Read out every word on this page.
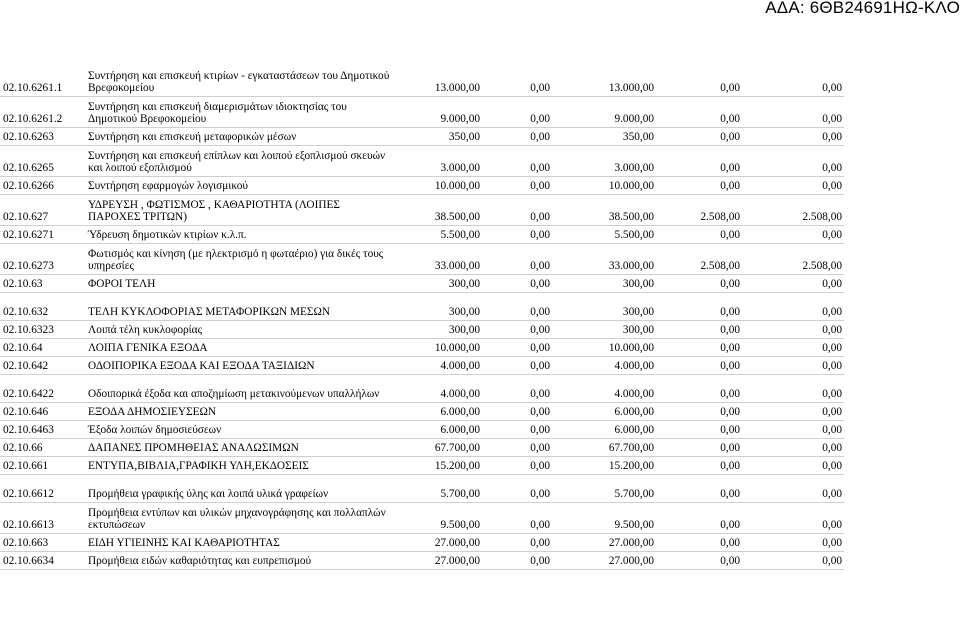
ΑΔΑ: 6ΘΒ24691ΗΩ-ΚΛΟ
02.10.6261.1	Συντήρηση και επισκευή κτιρίων - εγκαταστάσεων του Δημοτικού Βρεφοκομείου	13.000,00	0,00	13.000,00	0,00	0,00
02.10.6261.2	Συντήρηση και επισκευή διαμερισμάτων ιδιοκτησίας του Δημοτικού Βρεφοκομείου	9.000,00	0,00	9.000,00	0,00	0,00
02.10.6263	Συντήρηση και επισκευή μεταφορικών μέσων	350,00	0,00	350,00	0,00	0,00
02.10.6265	Συντήρηση και επισκευή επίπλων και λοιπού εξοπλισμού σκευών και λοιπού εξοπλισμού	3.000,00	0,00	3.000,00	0,00	0,00
02.10.6266	Συντήρηση εφαρμογών λογισμικού	10.000,00	0,00	10.000,00	0,00	0,00
02.10.627	ΥΔΡΕΥΣΗ , ΦΩΤΙΣΜΟΣ , ΚΑΘΑΡΙΟΤΗΤΑ (ΛΟΙΠΕΣ ΠΑΡΟΧΕΣ ΤΡΙΤΩΝ)	38.500,00	0,00	38.500,00	2.508,00	2.508,00
02.10.6271	Ύδρευση δημοτικών κτιρίων κ.λ.π.	5.500,00	0,00	5.500,00	0,00	0,00
02.10.6273	Φωτισμός και κίνηση (με ηλεκτρισμό η φωταέριο) για δικές τους υπηρεσίες	33.000,00	0,00	33.000,00	2.508,00	2.508,00
02.10.63	ΦΟΡΟΙ ΤΕΛΗ	300,00	0,00	300,00	0,00	0,00
02.10.632	ΤΕΛΗ ΚΥΚΛΟΦΟΡΙΑΣ ΜΕΤΑΦΟΡΙΚΩΝ ΜΕΣΩΝ	300,00	0,00	300,00	0,00	0,00
02.10.6323	Λοιπά τέλη κυκλοφορίας	300,00	0,00	300,00	0,00	0,00
02.10.64	ΛΟΙΠΑ ΓΕΝΙΚΑ ΕΞΟΔΑ	10.000,00	0,00	10.000,00	0,00	0,00
02.10.642	ΟΔΟΙΠΟΡΙΚΑ ΕΞΟΔΑ ΚΑΙ ΕΞΟΔΑ ΤΑΞΙΔΙΩΝ	4.000,00	0,00	4.000,00	0,00	0,00
02.10.6422	Οδοιπορικά έξοδα και αποζημίωση μετακινούμενων υπαλλήλων	4.000,00	0,00	4.000,00	0,00	0,00
02.10.646	ΕΞΟΔΑ ΔΗΜΟΣΙΕΥΣΕΩΝ	6.000,00	0,00	6.000,00	0,00	0,00
02.10.6463	Έξοδα λοιπών δημοσιεύσεων	6.000,00	0,00	6.000,00	0,00	0,00
02.10.66	ΔΑΠΑΝΕΣ ΠΡΟΜΗΘΕΙΑΣ ΑΝΑΛΩΣΙΜΩΝ	67.700,00	0,00	67.700,00	0,00	0,00
02.10.661	ΕΝΤΥΠΑ,ΒΙΒΛΙΑ,ΓΡΑΦΙΚΗ ΥΛΗ,ΕΚΔΟΣΕΙΣ	15.200,00	0,00	15.200,00	0,00	0,00
02.10.6612	Προμήθεια γραφικής ύλης και λοιπά υλικά γραφείων	5.700,00	0,00	5.700,00	0,00	0,00
02.10.6613	Προμήθεια εντύπων και υλικών μηχανογράφησης και πολλαπλών εκτυπώσεων	9.500,00	0,00	9.500,00	0,00	0,00
02.10.663	ΕΙΔΗ ΥΓΙΕΙΝΗΣ ΚΑΙ ΚΑΘΑΡΙΟΤΗΤΑΣ	27.000,00	0,00	27.000,00	0,00	0,00
02.10.6634	Προμήθεια ειδών καθαριότητας και ευπρεπισμού	27.000,00	0,00	27.000,00	0,00	0,00
